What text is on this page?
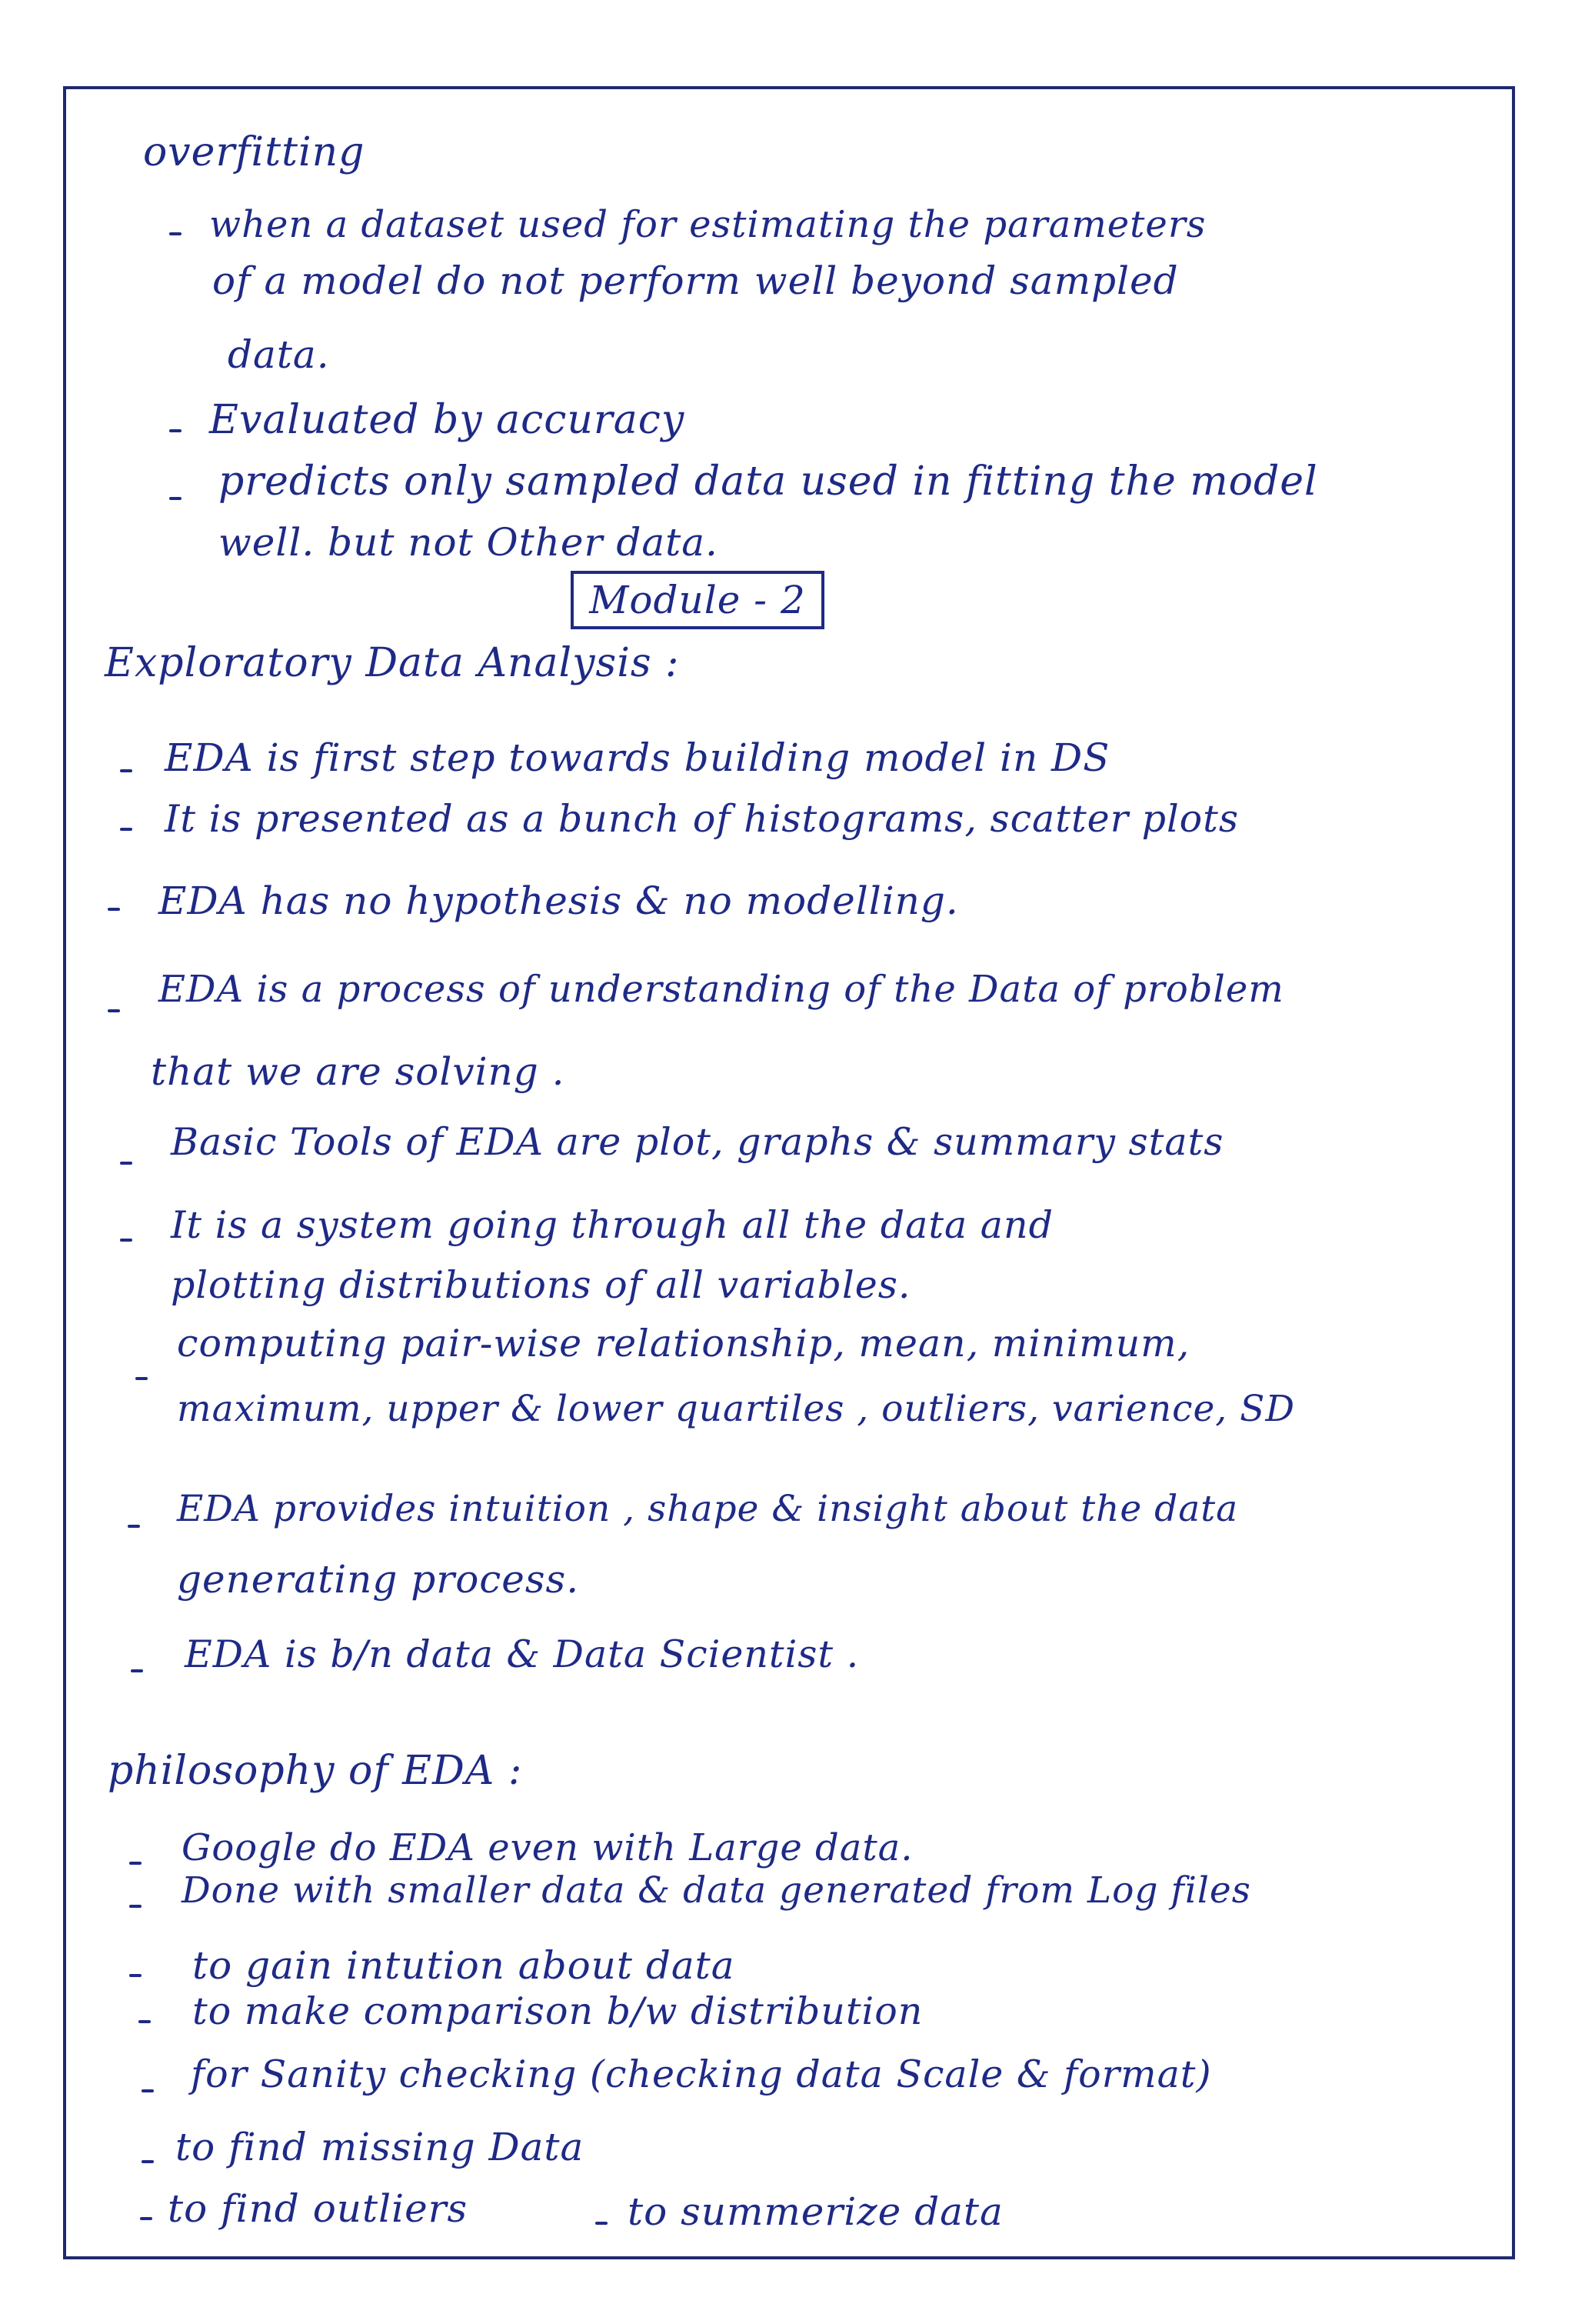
overfitting
when a dataset used for estimating the parameters
of a model do not perform well beyond sampled
data.
Evaluated by accuracy
predicts only sampled data used in fitting the model
well. but not Other data.
Module - 2
Exploratory Data Analysis :
EDA is first step towards building model in DS
It is presented as a bunch of histograms, scatter plots
EDA has no hypothesis & no modelling.
EDA is a process of understanding of the Data of problem
that we are solving .
Basic Tools of EDA are plot, graphs & summary stats
It is a system going through all the data and
plotting distributions of all variables.
computing pair-wise relationship, mean, minimum,
maximum, upper & lower quartiles , outliers, varience, SD
EDA provides intuition , shape & insight about the data
generating process.
EDA is b/n data & Data Scientist .
philosophy of EDA :
Google do EDA even with Large data.
Done with smaller data & data generated from Log files
to gain intution about data
to make comparison b/w distribution
for Sanity checking (checking data Scale & format)
to find missing Data
to find outliers	to summerize data
